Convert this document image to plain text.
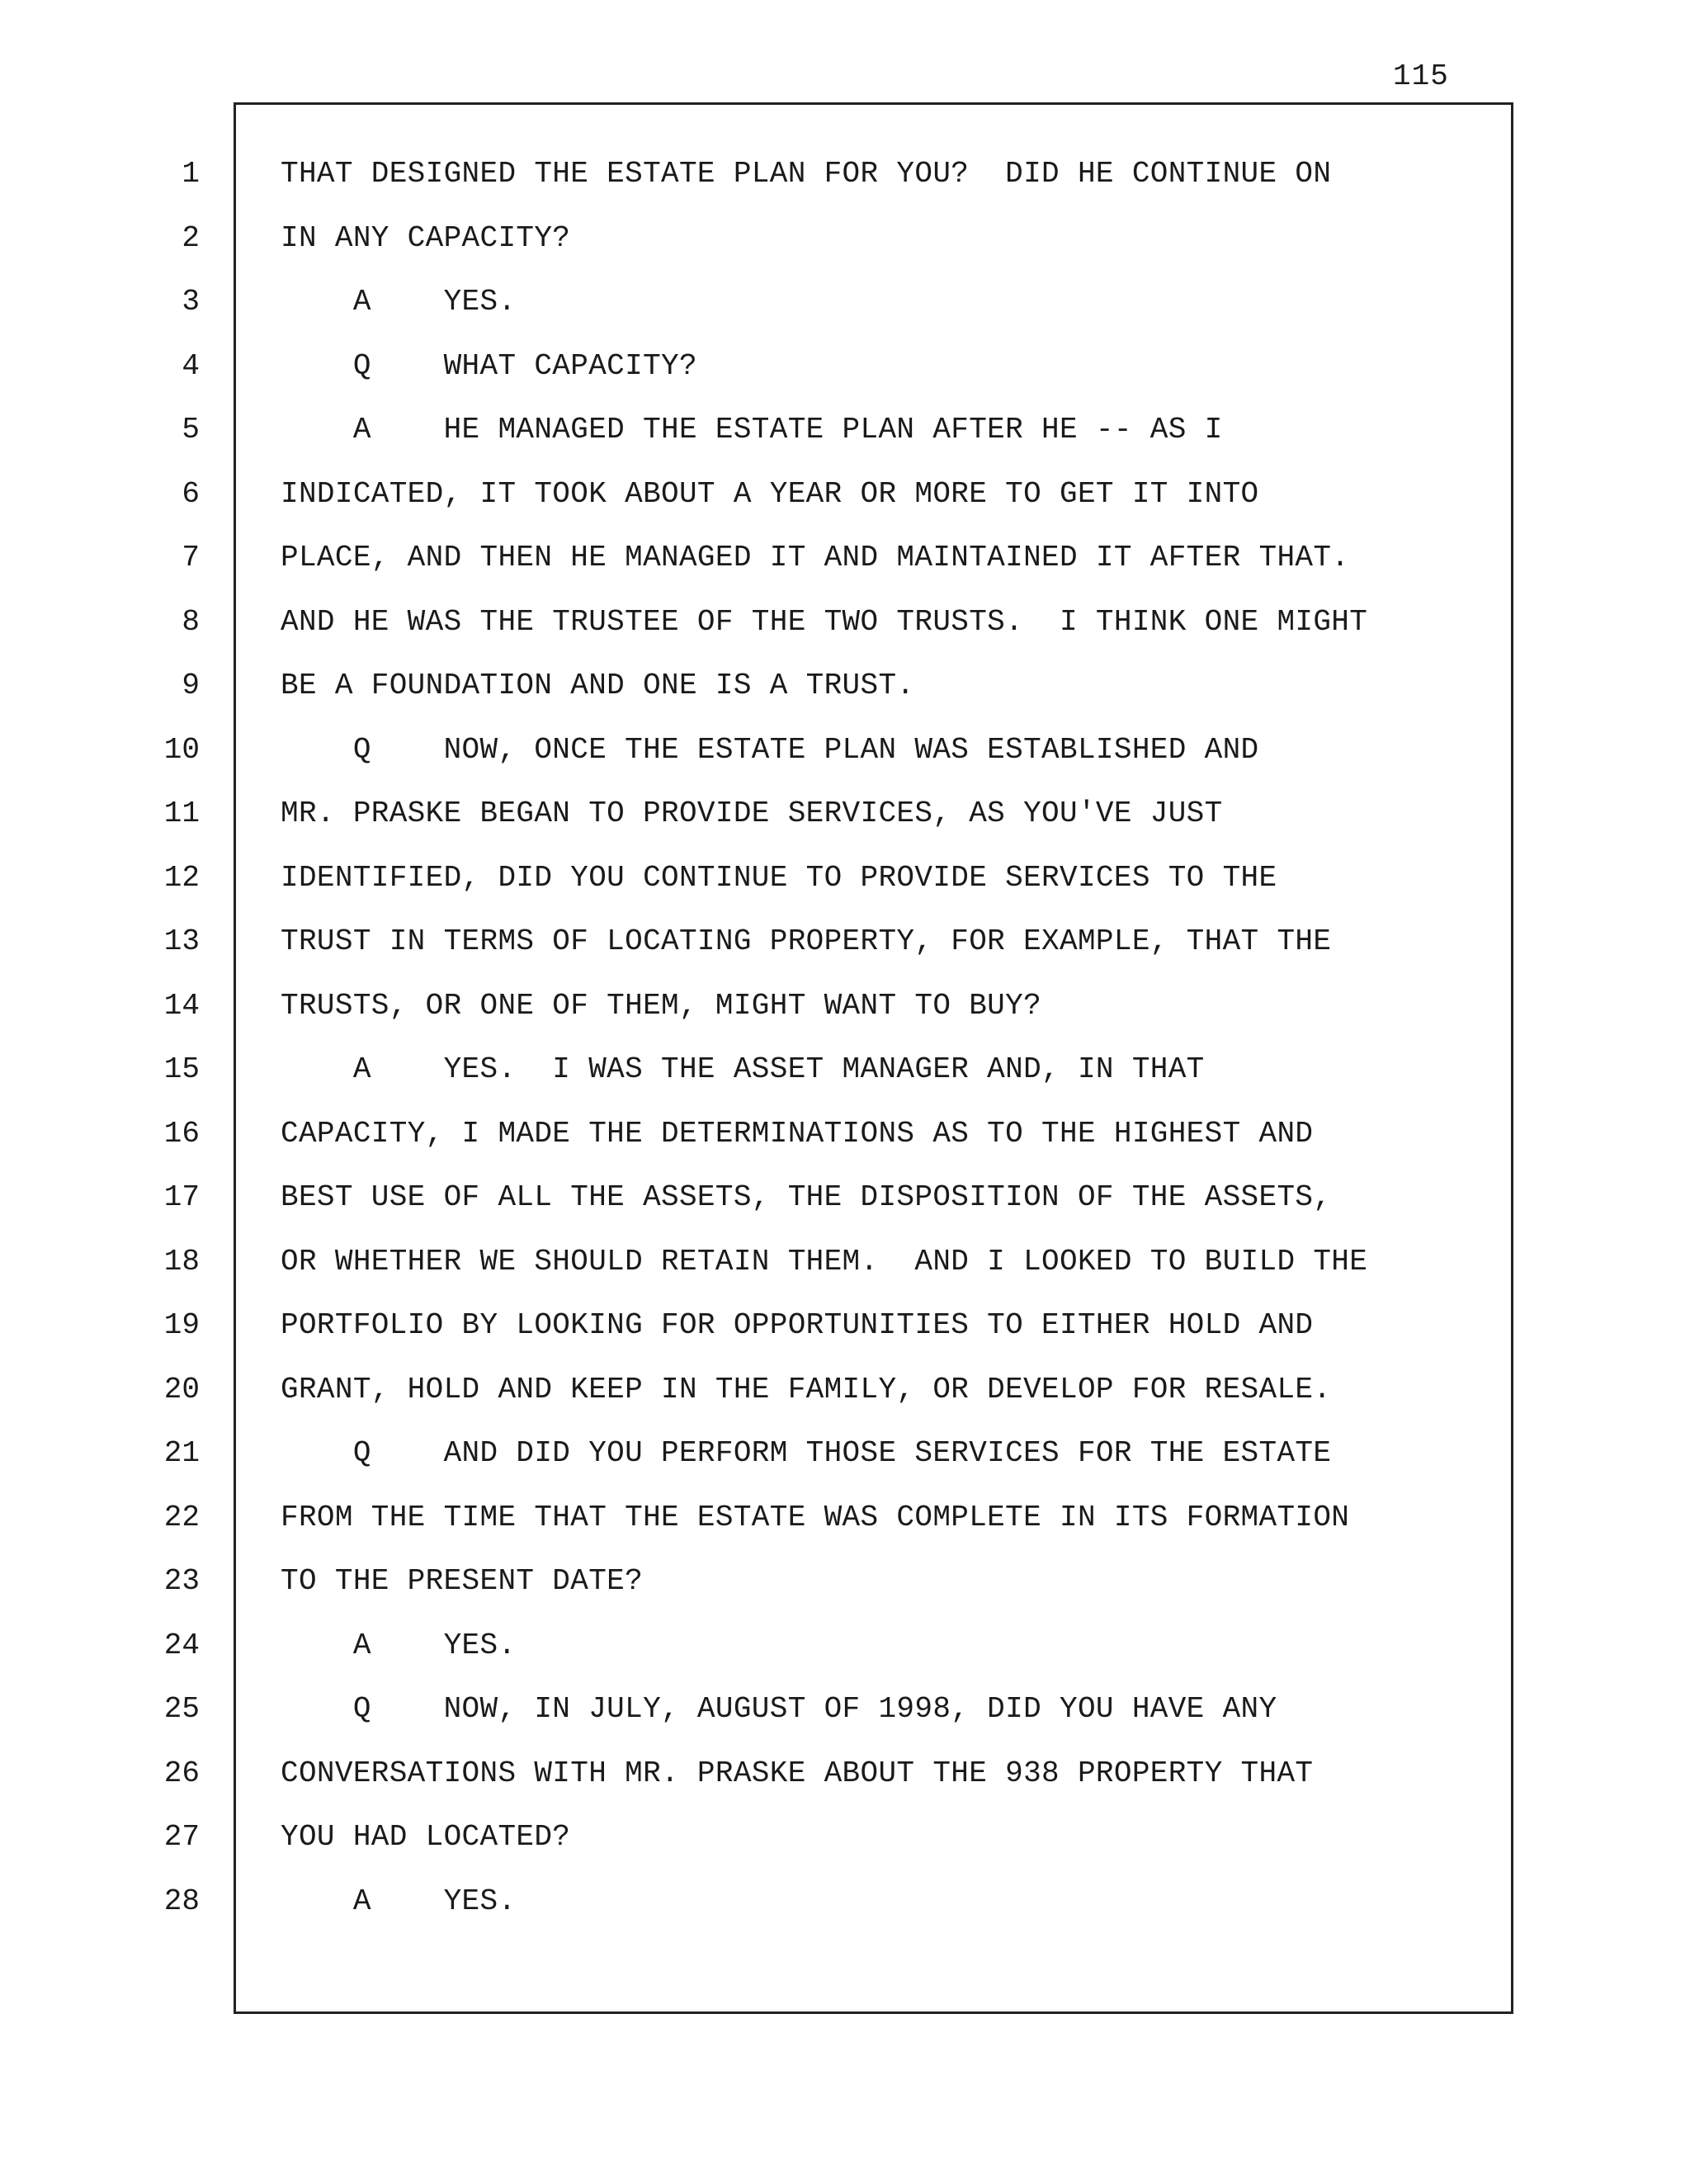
115
1	THAT DESIGNED THE ESTATE PLAN FOR YOU?  DID HE CONTINUE ON
2	IN ANY CAPACITY?
3	A    YES.
4	Q    WHAT CAPACITY?
5	A    HE MANAGED THE ESTATE PLAN AFTER HE -- AS I
6	INDICATED, IT TOOK ABOUT A YEAR OR MORE TO GET IT INTO
7	PLACE, AND THEN HE MANAGED IT AND MAINTAINED IT AFTER THAT.
8	AND HE WAS THE TRUSTEE OF THE TWO TRUSTS.  I THINK ONE MIGHT
9	BE A FOUNDATION AND ONE IS A TRUST.
10	Q    NOW, ONCE THE ESTATE PLAN WAS ESTABLISHED AND
11	MR. PRASKE BEGAN TO PROVIDE SERVICES, AS YOU'VE JUST
12	IDENTIFIED, DID YOU CONTINUE TO PROVIDE SERVICES TO THE
13	TRUST IN TERMS OF LOCATING PROPERTY, FOR EXAMPLE, THAT THE
14	TRUSTS, OR ONE OF THEM, MIGHT WANT TO BUY?
15	A    YES.  I WAS THE ASSET MANAGER AND, IN THAT
16	CAPACITY, I MADE THE DETERMINATIONS AS TO THE HIGHEST AND
17	BEST USE OF ALL THE ASSETS, THE DISPOSITION OF THE ASSETS,
18	OR WHETHER WE SHOULD RETAIN THEM.  AND I LOOKED TO BUILD THE
19	PORTFOLIO BY LOOKING FOR OPPORTUNITIES TO EITHER HOLD AND
20	GRANT, HOLD AND KEEP IN THE FAMILY, OR DEVELOP FOR RESALE.
21	Q    AND DID YOU PERFORM THOSE SERVICES FOR THE ESTATE
22	FROM THE TIME THAT THE ESTATE WAS COMPLETE IN ITS FORMATION
23	TO THE PRESENT DATE?
24	A    YES.
25	Q    NOW, IN JULY, AUGUST OF 1998, DID YOU HAVE ANY
26	CONVERSATIONS WITH MR. PRASKE ABOUT THE 938 PROPERTY THAT
27	YOU HAD LOCATED?
28	A    YES.
